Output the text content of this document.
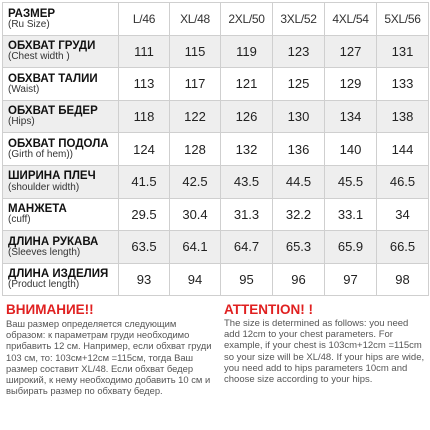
РАЗМЕР
(Ru Size)	L/46	XL/48	2XL/50	3XL/52	4XL/54	5XL/56

ОБХВАТ ГРУДИ
(Chest width )	111	115	119	123	127	131

ОБХВАТ ТАЛИИ
(Waist)	113	117	121	125	129	133

ОБХВАТ БЕДЕР
(Hips)	118	122	126	130	134	138

ОБХВАТ ПОДОЛА
(Girth of hem))	124	128	132	136	140	144

ШИРИНА ПЛЕЧ
(shoulder width)	41.5	42.5	43.5	44.5	45.5	46.5

МАНЖЕТА
(cuff)	29.5	30.4	31.3	32.2	33.1	34

ДЛИНА РУКАВА
(Sleeves length)	63.5	64.1	64.7	65.3	65.9	66.5

ДЛИНА ИЗДЕЛИЯ
(Product length)	93	94	95	96	97	98
ВНИМАНИЕ!!

Ваш размер определяется следующим образом: к параметрам груди необходимо прибавить 12 см. Например, если обхват груди 103 см, то: 103см+12см =115см, тогда Ваш размер составит XL/48. Если обхват бедер широкий, к нему необходимо добавить 10 см и выбирать размер по обхвату бедер.

ATTENTION! !

The size is determined as follows: you need add 12cm to your chest parameters. For example, if your chest is 103cm+12cm =115cm so your size will be XL/48. If your hips are wide, you need add to hips parameters 10cm and choose size according to your hips.
